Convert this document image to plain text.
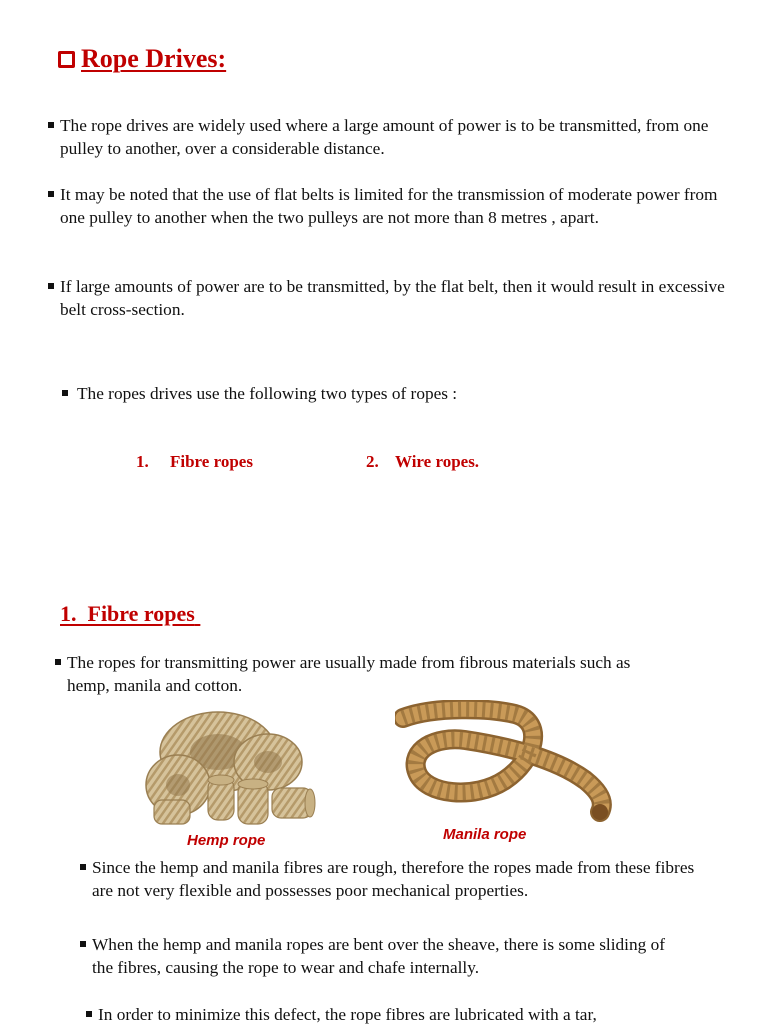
Rope Drives:
The rope drives are widely used where a large amount of power is to be transmitted, from one pulley to another, over a considerable distance.
It may be noted that the use of flat belts is limited for the transmission of moderate power from one pulley to another when the two pulleys are not more than 8 metres , apart.
If large amounts of power are to be transmitted, by the flat belt, then it would result in excessive belt cross-section.
The ropes drives use the following two types of ropes :
1. Fibre ropes	2. Wire ropes.
1. Fibre ropes
The ropes for transmitting power are usually made from fibrous materials such as hemp, manila and cotton.
Hemp rope	Manila rope
Since the hemp and manila fibres are rough, therefore the ropes made from these fibres are not very flexible and possesses poor mechanical properties.
When the hemp and manila ropes are bent over the sheave, there is some sliding of the fibres, causing the rope to wear and chafe internally.
In order to minimize this defect, the rope fibres are lubricated with a tar,
